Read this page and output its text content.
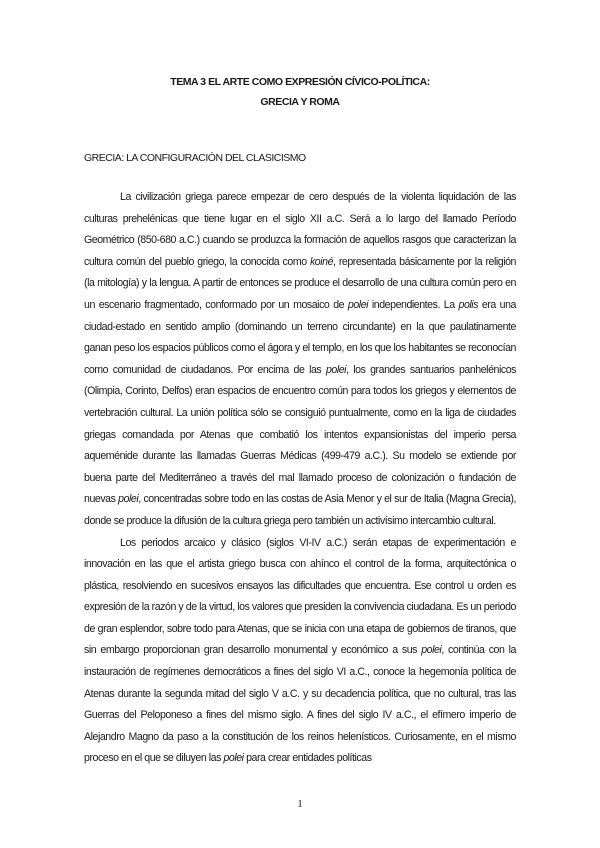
TEMA 3 EL ARTE COMO EXPRESIÓN CÍVICO-POLÍTICA:
GRECIA Y ROMA
GRECIA: LA CONFIGURACIÓN DEL CLASICISMO

La civilización griega parece empezar de cero después de la violenta liquidación de las culturas prehelénicas que tiene lugar en el siglo XII a.C. Será a lo largo del llamado Período Geométrico (850-680 a.C.) cuando se produzca la formación de aquellos rasgos que caracterizan la cultura común del pueblo griego, la conocida como koiné, representada básicamente por la religión (la mitología) y la lengua. A partir de entonces se produce el desarrollo de una cultura común pero en un escenario fragmentado, conformado por un mosaico de polei independientes. La polis era una ciudad-estado en sentido amplio (dominando un terreno circundante) en la que paulatinamente ganan peso los espacios públicos como el ágora y el templo, en los que los habitantes se reconocían como comunidad de ciudadanos. Por encima de las polei, los grandes santuarios panhelénicos (Olimpia, Corinto, Delfos) eran espacios de encuentro común para todos los griegos y elementos de vertebración cultural. La unión política sólo se consiguió puntualmente, como en la liga de ciudades griegas comandada por Atenas que combatió los intentos expansionistas del imperio persa aqueménide durante las llamadas Guerras Médicas (499-479 a.C.). Su modelo se extiende por buena parte del Mediterráneo a través del mal llamado proceso de colonización o fundación de nuevas polei, concentradas sobre todo en las costas de Asia Menor y el sur de Italia (Magna Grecia), donde se produce la difusión de la cultura griega pero también un activísimo intercambio cultural.

Los periodos arcaico y clásico (siglos VI-IV a.C.) serán etapas de experimentación e innovación en las que el artista griego busca con ahínco el control de la forma, arquitectónica o plástica, resolviendo en sucesivos ensayos las dificultades que encuentra. Ese control u orden es expresión de la razón y de la virtud, los valores que presiden la convivencia ciudadana. Es un periodo de gran esplendor, sobre todo para Atenas, que se inicia con una etapa de gobiernos de tiranos, que sin embargo proporcionan gran desarrollo monumental y económico a sus polei, continúa con la instauración de regímenes democráticos a fines del siglo VI a.C., conoce la hegemonía política de Atenas durante la segunda mitad del siglo V a.C. y su decadencia política, que no cultural, tras las Guerras del Peloponeso a fines del mismo siglo. A fines del siglo IV a.C., el efímero imperio de Alejandro Magno da paso a la constitución de los reinos helenísticos. Curiosamente, en el mismo proceso en el que se diluyen las polei para crear entidades políticas

1
